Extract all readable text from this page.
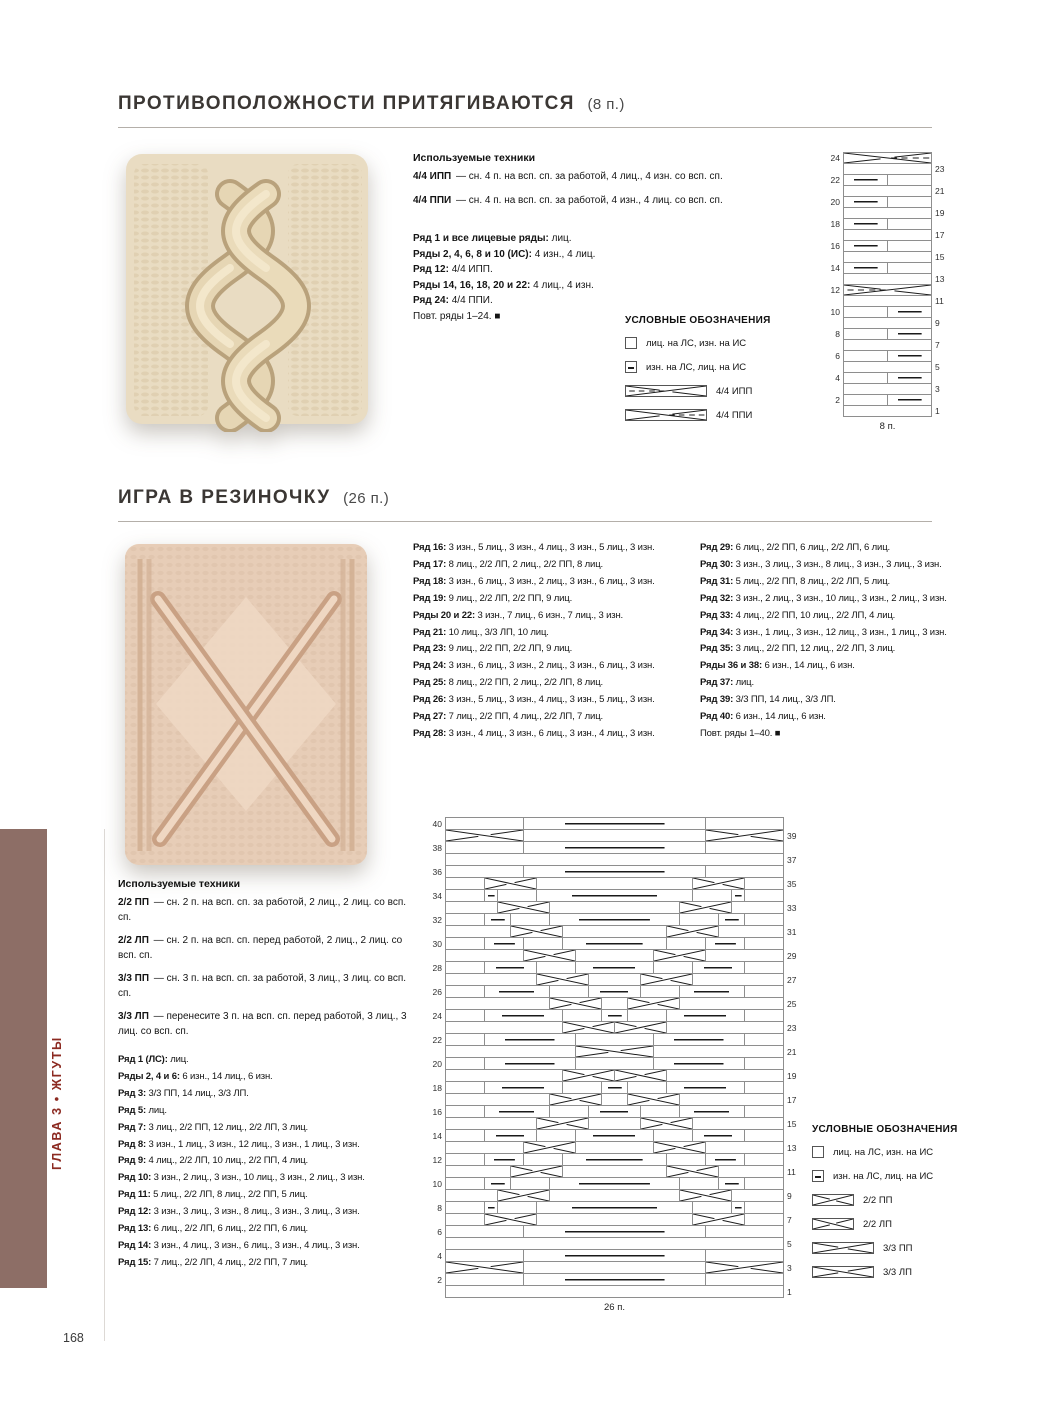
ГЛАВА 3 • ЖГУТЫ
168
ПРОТИВОПОЛОЖНОСТИ ПРИТЯГИВАЮТСЯ (8 п.)

Используемые техники

4/4 ИПП — сн. 4 п. на всп. сп. за работой, 4 лиц., 4 изн. со всп. сп.

4/4 ППИ — сн. 4 п. на всп. сп. за работой, 4 изн., 4 лиц. со всп. сп.

Ряд 1 и все лицевые ряды: лиц.

Ряды 2, 4, 6, 8 и 10 (ИС): 4 изн., 4 лиц.

Ряд 12: 4/4 ИПП.

Ряды 14, 16, 18, 20 и 22: 4 лиц., 4 изн.

Ряд 24: 4/4 ППИ.

Повт. ряды 1–24. ■	УСЛОВНЫЕ ОБОЗНАЧЕНИЯ

лиц. на ЛС, изн. на ИС
изн. на ЛС, лиц. на ИС
4/4 ИПП
4/4 ППИ
24
22
20
18
16
14
12
10
8
6
4
2
23
21
19
17
15
13
11
9
7
5
3
1
8 п.
ИГРА В РЕЗИНОЧКУ (26 п.)

Ряд 16: 3 изн., 5 лиц., 3 изн., 4 лиц., 3 изн., 5 лиц., 3 изн.

Ряд 17: 8 лиц., 2/2 ЛП, 2 лиц., 2/2 ПП, 8 лиц.

Ряд 18: 3 изн., 6 лиц., 3 изн., 2 лиц., 3 изн., 6 лиц., 3 изн.

Ряд 19: 9 лиц., 2/2 ЛП, 2/2 ПП, 9 лиц.

Ряды 20 и 22: 3 изн., 7 лиц., 6 изн., 7 лиц., 3 изн.

Ряд 21: 10 лиц., 3/3 ЛП, 10 лиц.

Ряд 23: 9 лиц., 2/2 ПП, 2/2 ЛП, 9 лиц.

Ряд 24: 3 изн., 6 лиц., 3 изн., 2 лиц., 3 изн., 6 лиц., 3 изн.

Ряд 25: 8 лиц., 2/2 ПП, 2 лиц., 2/2 ЛП, 8 лиц.

Ряд 26: 3 изн., 5 лиц., 3 изн., 4 лиц., 3 изн., 5 лиц., 3 изн.

Ряд 27: 7 лиц., 2/2 ПП, 4 лиц., 2/2 ЛП, 7 лиц.

Ряд 28: 3 изн., 4 лиц., 3 изн., 6 лиц., 3 изн., 4 лиц., 3 изн.

Ряд 29: 6 лиц., 2/2 ПП, 6 лиц., 2/2 ЛП, 6 лиц.

Ряд 30: 3 изн., 3 лиц., 3 изн., 8 лиц., 3 изн., 3 лиц., 3 изн.

Ряд 31: 5 лиц., 2/2 ПП, 8 лиц., 2/2 ЛП, 5 лиц.

Ряд 32: 3 изн., 2 лиц., 3 изн., 10 лиц., 3 изн., 2 лиц., 3 изн.

Ряд 33: 4 лиц., 2/2 ПП, 10 лиц., 2/2 ЛП, 4 лиц.

Ряд 34: 3 изн., 1 лиц., 3 изн., 12 лиц., 3 изн., 1 лиц., 3 изн.

Ряд 35: 3 лиц., 2/2 ПП, 12 лиц., 2/2 ЛП, 3 лиц.

Ряды 36 и 38: 6 изн., 14 лиц., 6 изн.

Ряд 37: лиц.

Ряд 39: 3/3 ПП, 14 лиц., 3/3 ЛП.

Ряд 40: 6 изн., 14 лиц., 6 изн.

Повт. ряды 1–40. ■

Используемые техники

2/2 ПП — сн. 2 п. на всп. сп. за работой, 2 лиц., 2 лиц. со всп. сп.

2/2 ЛП — сн. 2 п. на всп. сп. перед работой, 2 лиц., 2 лиц. со всп. сп.

3/3 ПП — сн. 3 п. на всп. сп. за работой, 3 лиц., 3 лиц. со всп. сп.

3/3 ЛП — перенесите 3 п. на всп. сп. перед работой, 3 лиц., 3 лиц. со всп. сп.

Ряд 1 (ЛС): лиц.

Ряды 2, 4 и 6: 6 изн., 14 лиц., 6 изн.

Ряд 3: 3/3 ПП, 14 лиц., 3/3 ЛП.

Ряд 5: лиц.

Ряд 7: 3 лиц., 2/2 ПП, 12 лиц., 2/2 ЛП, 3 лиц.

Ряд 8: 3 изн., 1 лиц., 3 изн., 12 лиц., 3 изн., 1 лиц., 3 изн.

Ряд 9: 4 лиц., 2/2 ЛП, 10 лиц., 2/2 ПП, 4 лиц.

Ряд 10: 3 изн., 2 лиц., 3 изн., 10 лиц., 3 изн., 2 лиц., 3 изн.

Ряд 11: 5 лиц., 2/2 ЛП, 8 лиц., 2/2 ПП, 5 лиц.

Ряд 12: 3 изн., 3 лиц., 3 изн., 8 лиц., 3 изн., 3 лиц., 3 изн.

Ряд 13: 6 лиц., 2/2 ЛП, 6 лиц., 2/2 ПП, 6 лиц.

Ряд 14: 3 изн., 4 лиц., 3 изн., 6 лиц., 3 изн., 4 лиц., 3 изн.

Ряд 15: 7 лиц., 2/2 ЛП, 4 лиц., 2/2 ПП, 7 лиц.

40
38
36
34
32
30
28
26
24
22
20
18
16
14
12
10
8
6
4
2
39
37
35
33
31
29
27
25
23
21
19
17
15
13
11
9
7
5
3
1
26 п.

УСЛОВНЫЕ ОБОЗНАЧЕНИЯ

лиц. на ЛС, изн. на ИС
изн. на ЛС, лиц. на ИС
2/2 ПП
2/2 ЛП
3/3 ПП
3/3 ЛП
